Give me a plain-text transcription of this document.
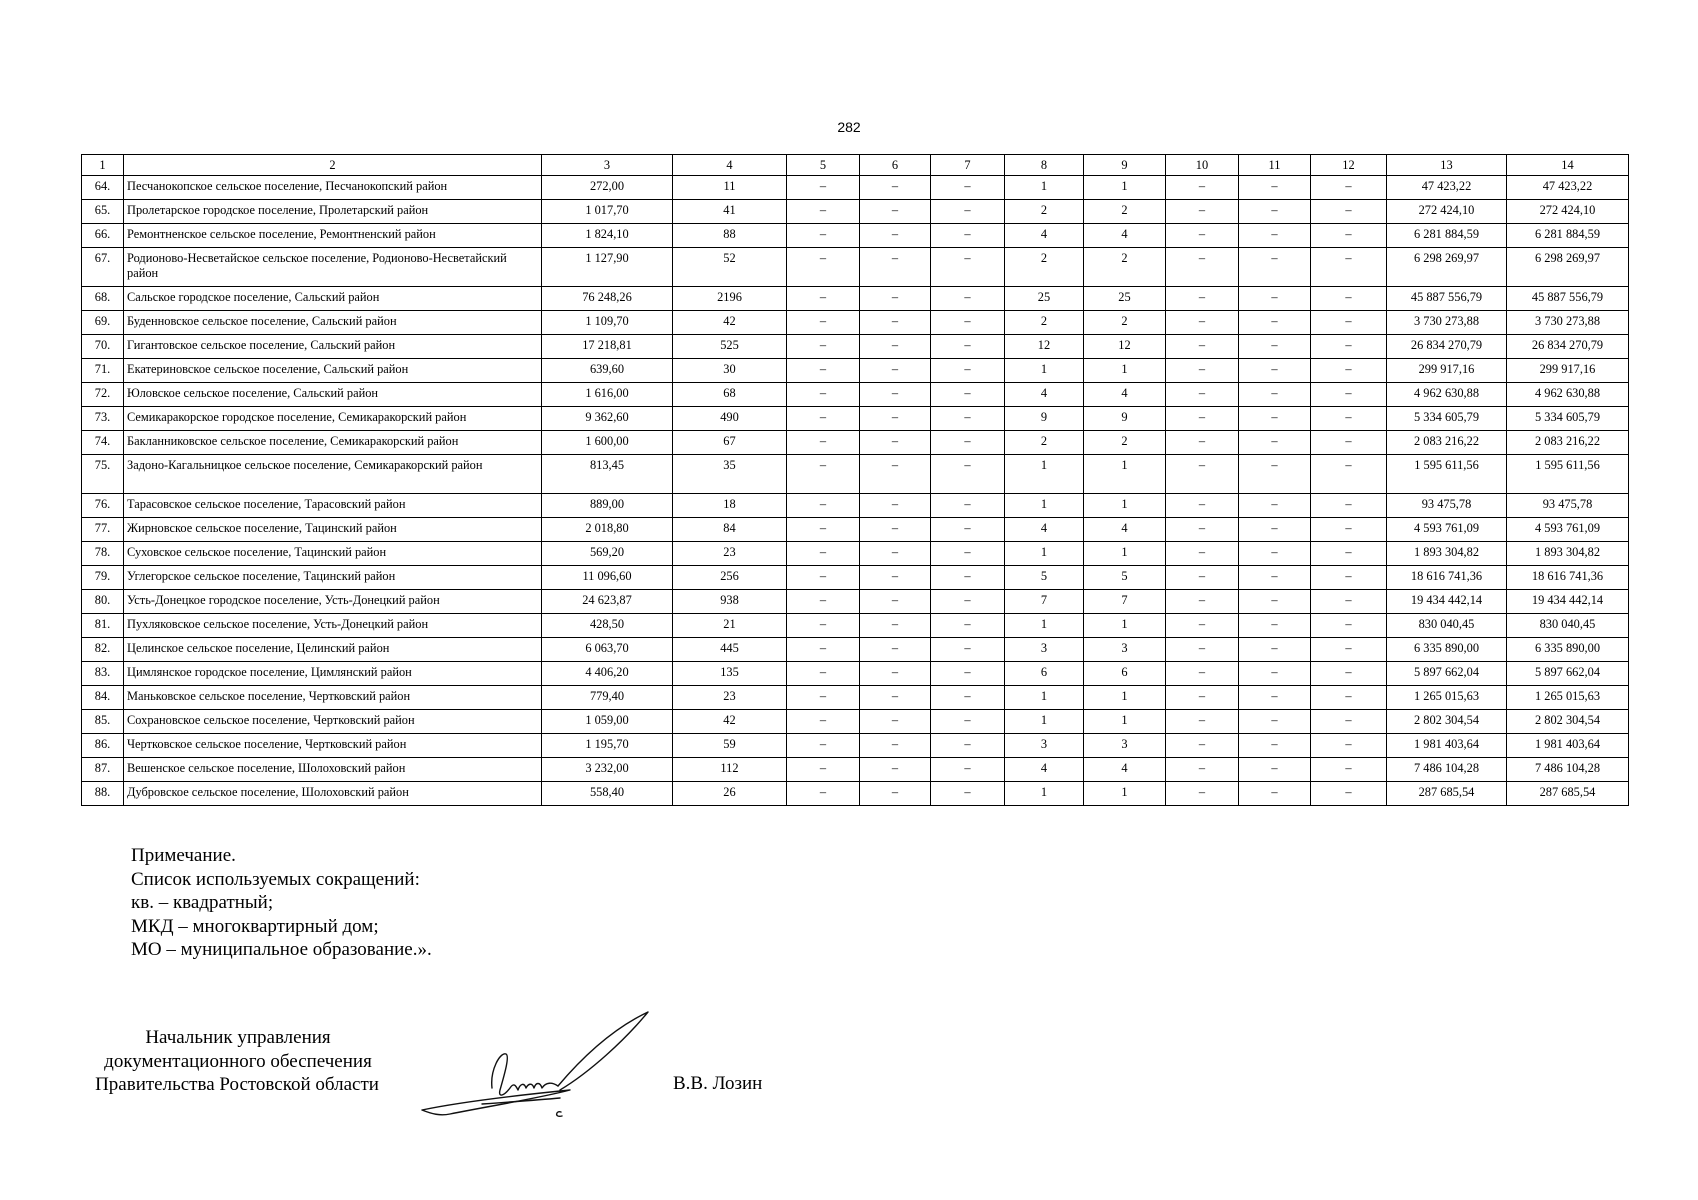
282
1	2	3	4	5	6	7	8	9	10	11	12	13	14
64.	Песчанокопское сельское поселение, Песчанокопский район	272,00	11	–	–	–	1	1	–	–	–	47 423,22	47 423,22
65.	Пролетарское городское поселение, Пролетарский район	1 017,70	41	–	–	–	2	2	–	–	–	272 424,10	272 424,10
66.	Ремонтненское сельское поселение, Ремонтненский район	1 824,10	88	–	–	–	4	4	–	–	–	6 281 884,59	6 281 884,59
67.	Родионово-Несветайское сельское поселение, Родионово-Несветайский район	1 127,90	52	–	–	–	2	2	–	–	–	6 298 269,97	6 298 269,97
68.	Сальское городское поселение, Сальский район	76 248,26	2196	–	–	–	25	25	–	–	–	45 887 556,79	45 887 556,79
69.	Буденновское сельское поселение, Сальский район	1 109,70	42	–	–	–	2	2	–	–	–	3 730 273,88	3 730 273,88
70.	Гигантовское сельское поселение, Сальский район	17 218,81	525	–	–	–	12	12	–	–	–	26 834 270,79	26 834 270,79
71.	Екатериновское сельское поселение, Сальский район	639,60	30	–	–	–	1	1	–	–	–	299 917,16	299 917,16
72.	Юловское сельское поселение, Сальский район	1 616,00	68	–	–	–	4	4	–	–	–	4 962 630,88	4 962 630,88
73.	Семикаракорское городское поселение, Семикаракорский район	9 362,60	490	–	–	–	9	9	–	–	–	5 334 605,79	5 334 605,79
74.	Бакланниковское сельское поселение, Семикаракорский район	1 600,00	67	–	–	–	2	2	–	–	–	2 083 216,22	2 083 216,22
75.	Задоно-Кагальницкое сельское поселение, Семикаракорский район	813,45	35	–	–	–	1	1	–	–	–	1 595 611,56	1 595 611,56
76.	Тарасовское сельское поселение, Тарасовский район	889,00	18	–	–	–	1	1	–	–	–	93 475,78	93 475,78
77.	Жирновское сельское поселение, Тацинский район	2 018,80	84	–	–	–	4	4	–	–	–	4 593 761,09	4 593 761,09
78.	Суховское сельское поселение, Тацинский район	569,20	23	–	–	–	1	1	–	–	–	1 893 304,82	1 893 304,82
79.	Углегорское сельское поселение, Тацинский район	11 096,60	256	–	–	–	5	5	–	–	–	18 616 741,36	18 616 741,36
80.	Усть-Донецкое городское поселение, Усть-Донецкий район	24 623,87	938	–	–	–	7	7	–	–	–	19 434 442,14	19 434 442,14
81.	Пухляковское сельское поселение, Усть-Донецкий район	428,50	21	–	–	–	1	1	–	–	–	830 040,45	830 040,45
82.	Целинское сельское поселение, Целинский район	6 063,70	445	–	–	–	3	3	–	–	–	6 335 890,00	6 335 890,00
83.	Цимлянское городское поселение, Цимлянский район	4 406,20	135	–	–	–	6	6	–	–	–	5 897 662,04	5 897 662,04
84.	Маньковское сельское поселение, Чертковский район	779,40	23	–	–	–	1	1	–	–	–	1 265 015,63	1 265 015,63
85.	Сохрановское сельское поселение, Чертковский район	1 059,00	42	–	–	–	1	1	–	–	–	2 802 304,54	2 802 304,54
86.	Чертковское сельское поселение, Чертковский район	1 195,70	59	–	–	–	3	3	–	–	–	1 981 403,64	1 981 403,64
87.	Вешенское сельское поселение, Шолоховский район	3 232,00	112	–	–	–	4	4	–	–	–	7 486 104,28	7 486 104,28
88.	Дубровское сельское поселение, Шолоховский район	558,40	26	–	–	–	1	1	–	–	–	287 685,54	287 685,54
Примечание.
Список используемых сокращений:
кв. – квадратный;
МКД – многоквартирный дом;
МО – муниципальное образование.».
Начальник управления
документационного обеспечения
Правительства Ростовской области	В.В. Лозин
